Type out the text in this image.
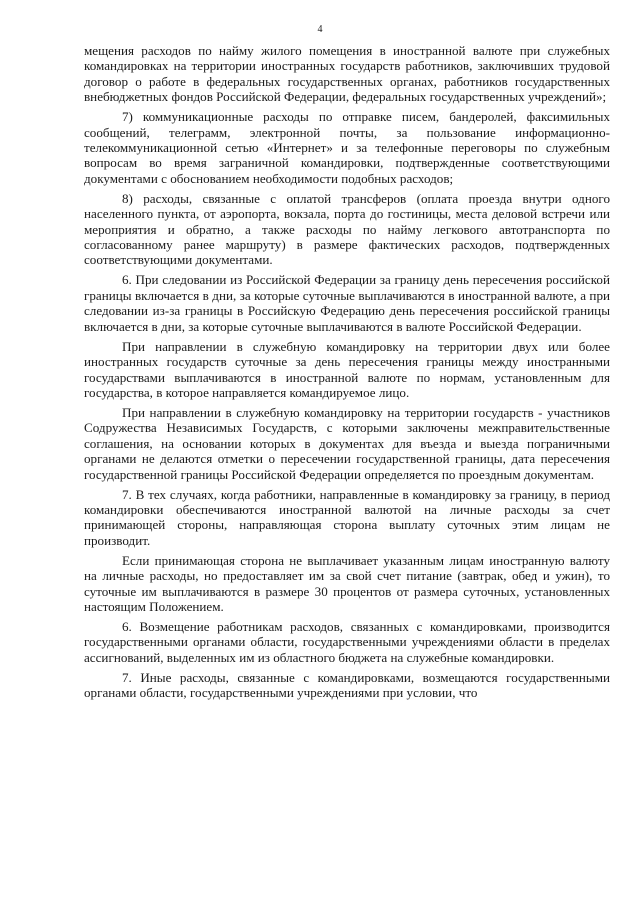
4

мещения расходов по найму жилого помещения в иностранной валюте при служебных командировках на территории иностранных государств работников, заключивших трудовой договор о работе в федеральных государственных органах, работников государственных внебюджетных фондов Российской Федерации, федеральных государственных учреждений»;

7) коммуникационные расходы по отправке писем, бандеролей, факсимильных сообщений, телеграмм, электронной почты, за пользование информационно-телекоммуникационной сетью «Интернет» и за телефонные переговоры по служебным вопросам во время заграничной командировки, подтвержденные соответствующими документами с обоснованием необходимости подобных расходов;

8) расходы, связанные с оплатой трансферов (оплата проезда внутри одного населенного пункта, от аэропорта, вокзала, порта до гостиницы, места деловой встречи или мероприятия и обратно, а также расходы по найму легкового автотранспорта по согласованному ранее маршруту) в размере фактических расходов, подтвержденных соответствующими документами.

6. При следовании из Российской Федерации за границу день пересечения российской границы включается в дни, за которые суточные выплачиваются в иностранной валюте, а при следовании из-за границы в Российскую Федерацию день пересечения российской границы включается в дни, за которые суточные выплачиваются в валюте Российской Федерации.

При направлении в служебную командировку на территории двух или более иностранных государств суточные за день пересечения границы между иностранными государствами выплачиваются в иностранной валюте по нормам, установленным для государства, в которое направляется командируемое лицо.

При направлении в служебную командировку на территории государств - участников Содружества Независимых Государств, с которыми заключены межправительственные соглашения, на основании которых в документах для въезда и выезда пограничными органами не делаются отметки о пересечении государственной границы, дата пересечения государственной границы Российской Федерации определяется по проездным документам.

7. В тех случаях, когда работники, направленные в командировку за границу, в период командировки обеспечиваются иностранной валютой на личные расходы за счет принимающей стороны, направляющая сторона выплату суточных этим лицам не производит.

Если принимающая сторона не выплачивает указанным лицам иностранную валюту на личные расходы, но предоставляет им за свой счет питание (завтрак, обед и ужин), то суточные им выплачиваются в размере 30 процентов от размера суточных, установленных настоящим Положением.

6. Возмещение работникам расходов, связанных с командировками, производится государственными органами области, государственными учреждениями области в пределах ассигнований, выделенных им из областного бюджета на служебные командировки.

7. Иные расходы, связанные с командировками, возмещаются государственными органами области, государственными учреждениями при условии, что
